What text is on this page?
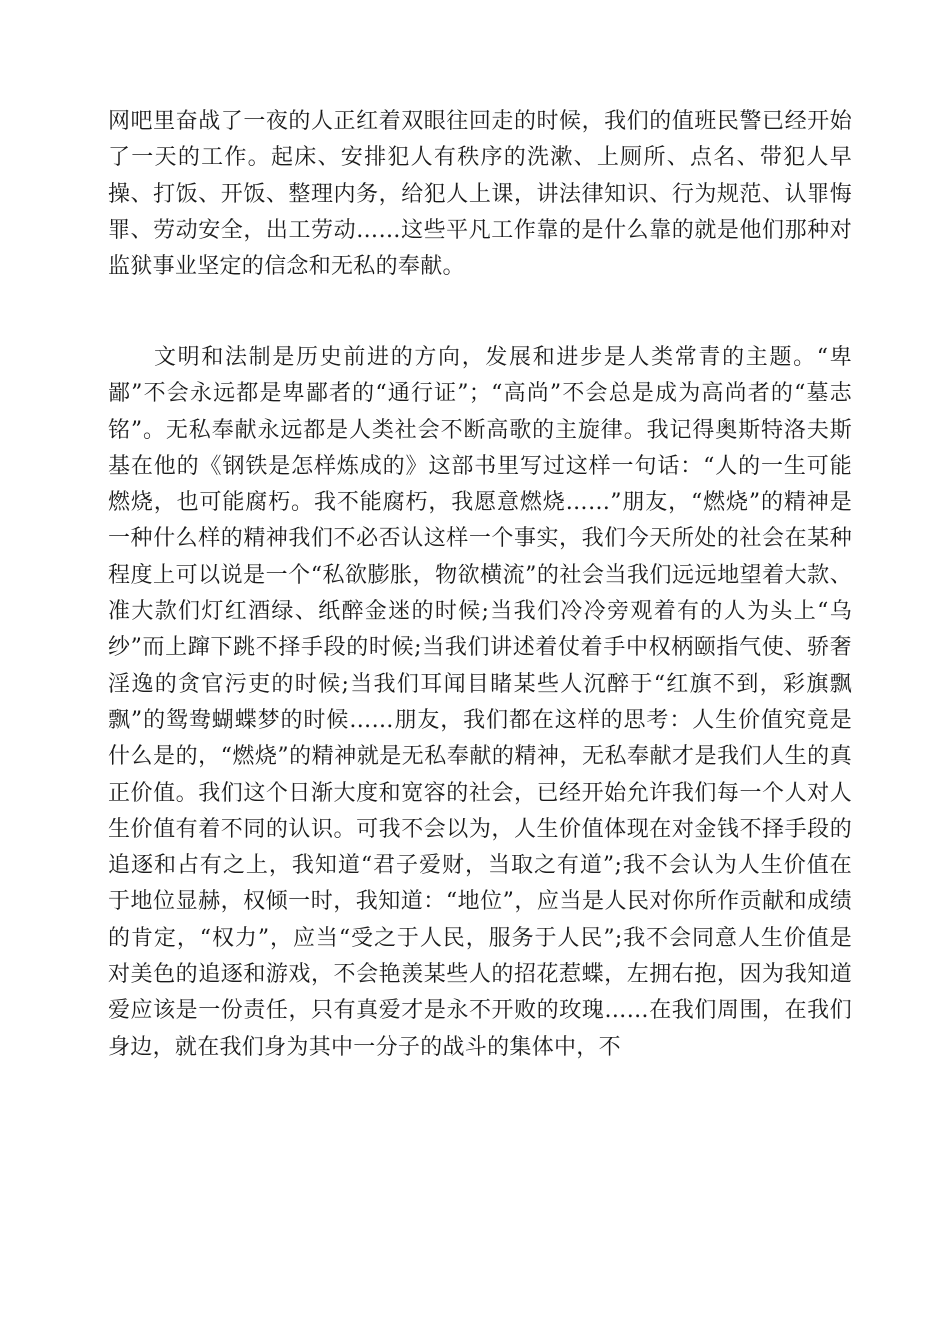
网吧里奋战了一夜的人正红着双眼往回走的时候，我们的值班民警已经开始了一天的工作。起床、安排犯人有秩序的洗漱、上厕所、点名、带犯人早操、打饭、开饭、整理内务，给犯人上课，讲法律知识、行为规范、认罪悔罪、劳动安全，出工劳动……这些平凡工作靠的是什么靠的就是他们那种对监狱事业坚定的信念和无私的奉献。

文明和法制是历史前进的方向，发展和进步是人类常青的主题。“卑鄙”不会永远都是卑鄙者的“通行证”；“高尚”不会总是成为高尚者的“墓志铭”。无私奉献永远都是人类社会不断高歌的主旋律。我记得奥斯特洛夫斯基在他的《钢铁是怎样炼成的》这部书里写过这样一句话：“人的一生可能燃烧，也可能腐朽。我不能腐朽，我愿意燃烧……”朋友，“燃烧”的精神是一种什么样的精神我们不必否认这样一个事实，我们今天所处的社会在某种程度上可以说是一个“私欲膨胀，物欲横流”的社会当我们远远地望着大款、准大款们灯红酒绿、纸醉金迷的时候;当我们冷冷旁观着有的人为头上“乌纱”而上蹿下跳不择手段的时候;当我们讲述着仗着手中权柄颐指气使、骄奢淫逸的贪官污吏的时候;当我们耳闻目睹某些人沉醉于“红旗不到，彩旗飘飘”的鸳鸯蝴蝶梦的时候……朋友，我们都在这样的思考：人生价值究竟是什么是的，“燃烧”的精神就是无私奉献的精神，无私奉献才是我们人生的真正价值。我们这个日渐大度和宽容的社会，已经开始允许我们每一个人对人生价值有着不同的认识。可我不会以为，人生价值体现在对金钱不择手段的追逐和占有之上，我知道“君子爱财，当取之有道”;我不会认为人生价值在于地位显赫，权倾一时，我知道：“地位”，应当是人民对你所作贡献和成绩的肯定，“权力”，应当“受之于人民，服务于人民”;我不会同意人生价值是对美色的追逐和游戏，不会艳羡某些人的招花惹蝶，左拥右抱，因为我知道爱应该是一份责任，只有真爱才是永不开败的玫瑰……在我们周围，在我们身边，就在我们身为其中一分子的战斗的集体中，不
